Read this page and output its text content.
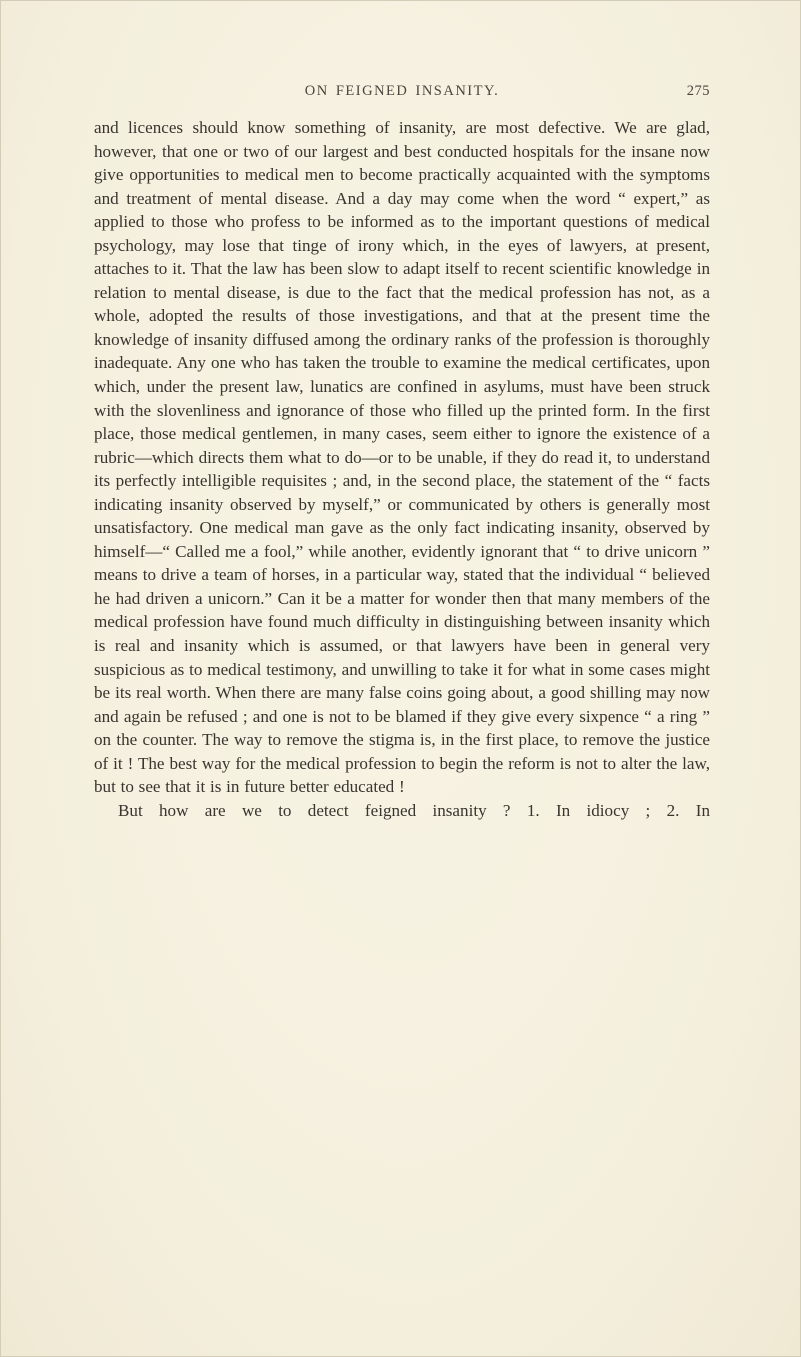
ON FEIGNED INSANITY.	275

and licences should know something of insanity, are most defective. We are glad, however, that one or two of our largest and best conducted hospitals for the insane now give opportunities to medical men to become practically acquainted with the symptoms and treatment of mental disease. And a day may come when the word “ expert,” as applied to those who profess to be informed as to the important questions of medical psychology, may lose that tinge of irony which, in the eyes of lawyers, at present, attaches to it. That the law has been slow to adapt itself to recent scientific knowledge in relation to mental disease, is due to the fact that the medical profession has not, as a whole, adopted the results of those investigations, and that at the present time the knowledge of insanity diffused among the ordinary ranks of the profession is thoroughly inadequate. Any one who has taken the trouble to examine the medical certificates, upon which, under the present law, lunatics are confined in asylums, must have been struck with the slovenliness and ignorance of those who filled up the printed form. In the first place, those medical gentlemen, in many cases, seem either to ignore the existence of a rubric—which directs them what to do—or to be unable, if they do read it, to understand its perfectly intelligible requisites ; and, in the second place, the statement of the “ facts indicating insanity observed by myself,” or communicated by others is generally most unsatisfactory. One medical man gave as the only fact indicating insanity, observed by himself—“ Called me a fool,” while another, evidently ignorant that “ to drive unicorn ” means to drive a team of horses, in a particular way, stated that the individual “ believed he had driven a unicorn.” Can it be a matter for wonder then that many members of the medical profession have found much difficulty in distinguishing between insanity which is real and insanity which is assumed, or that lawyers have been in general very suspicious as to medical testimony, and unwilling to take it for what in some cases might be its real worth. When there are many false coins going about, a good shilling may now and again be refused ; and one is not to be blamed if they give every sixpence “ a ring ” on the counter. The way to remove the stigma is, in the first place, to remove the justice of it ! The best way for the medical profession to begin the reform is not to alter the law, but to see that it is in future better educated !

But how are we to detect feigned insanity ? 1. In idiocy ; 2. In
